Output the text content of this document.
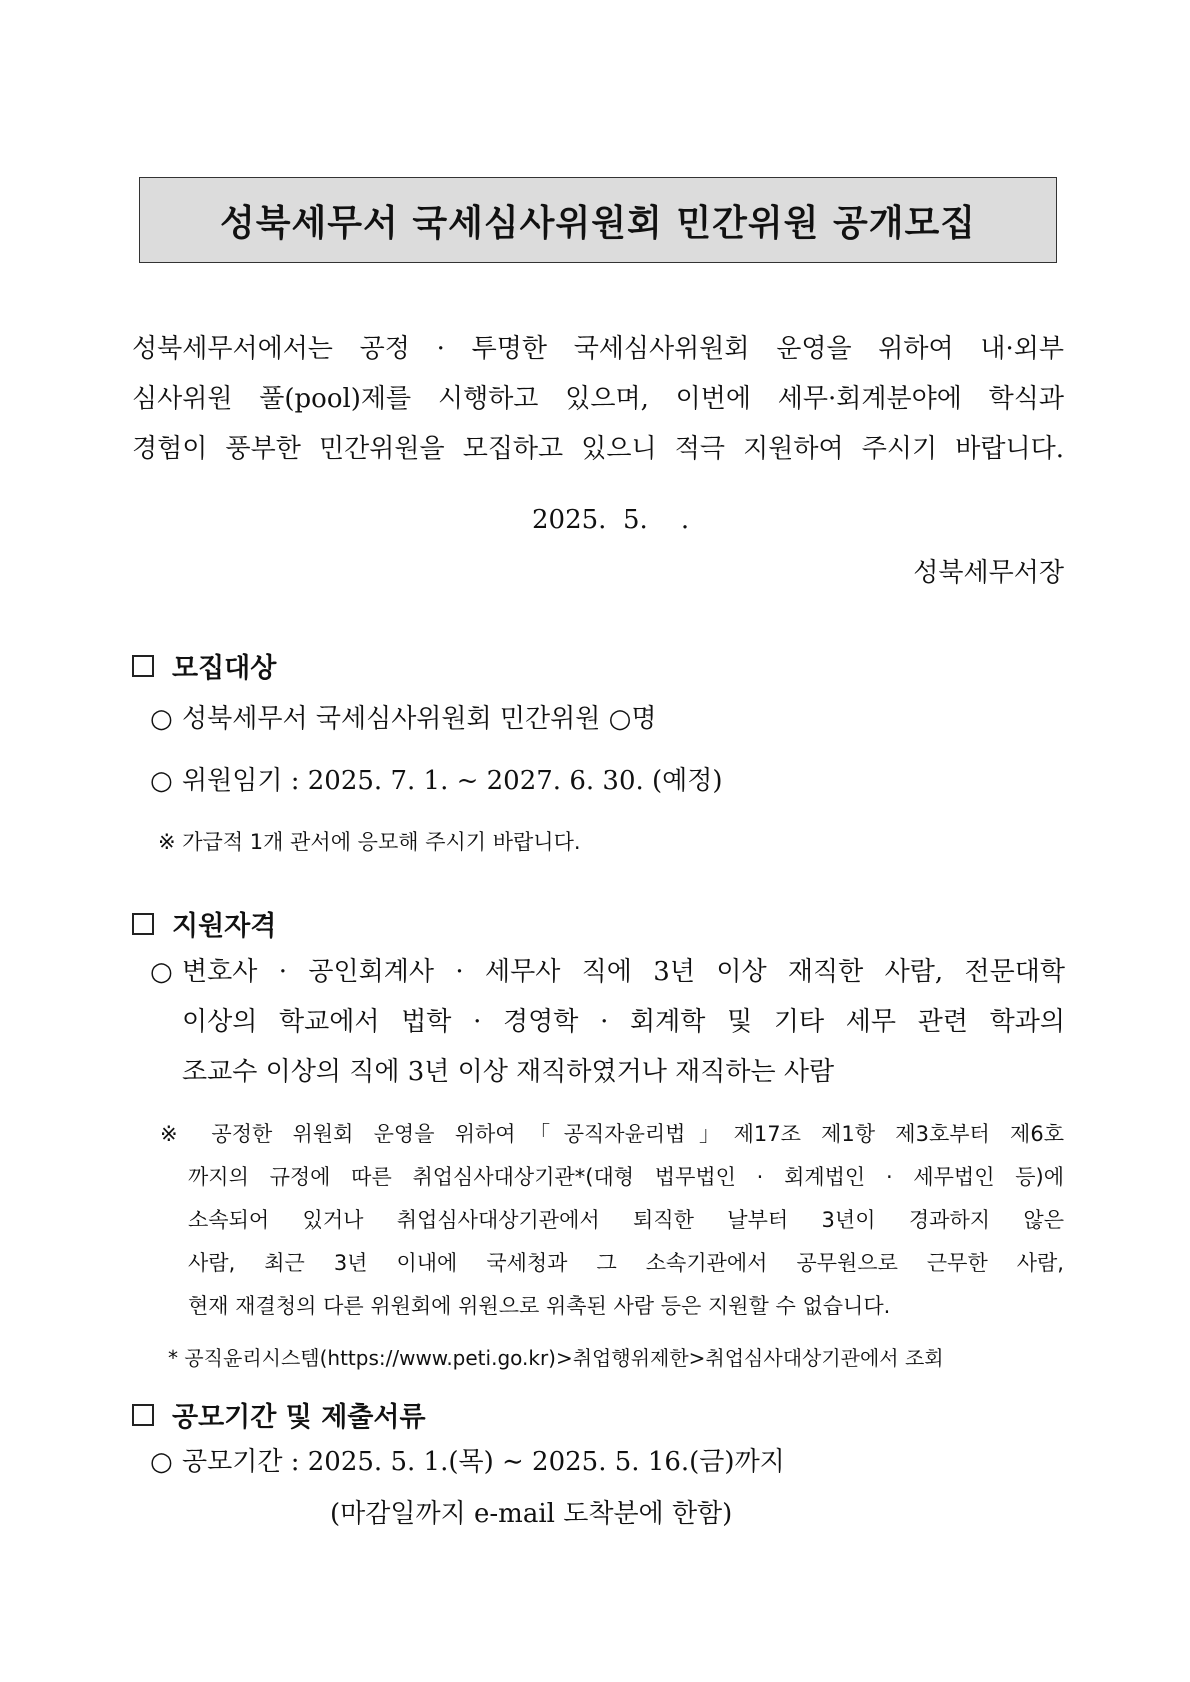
성북세무서 국세심사위원회 민간위원 공개모집
성북세무서에서는 공정 · 투명한 국세심사위원회 운영을 위하여 내·외부
심사위원 풀(pool)제를 시행하고 있으며, 이번에 세무·회계분야에 학식과
경험이 풍부한 민간위원을 모집하고 있으니 적극 지원하여 주시기 바랍니다.
2025.  5.    .
성북세무서장
모집대상
○ 성북세무서 국세심사위원회 민간위원 ○명
○ 위원임기 : 2025. 7. 1. ~ 2027. 6. 30. (예정)
※ 가급적 1개 관서에 응모해 주시기 바랍니다.
지원자격
○ 변호사 · 공인회계사 · 세무사 직에 3년 이상 재직한 사람, 전문대학
이상의 학교에서 법학 · 경영학 · 회계학 및 기타 세무 관련 학과의
조교수 이상의 직에 3년 이상 재직하였거나 재직하는 사람
※ 공정한 위원회 운영을 위하여「공직자윤리법」제17조 제1항 제3호부터 제6호
까지의 규정에 따른 취업심사대상기관*(대형 법무법인 · 회계법인 · 세무법인 등)에
소속되어 있거나 취업심사대상기관에서 퇴직한 날부터 3년이 경과하지 않은
사람, 최근 3년 이내에 국세청과 그 소속기관에서 공무원으로 근무한 사람,
현재 재결청의 다른 위원회에 위원으로 위촉된 사람 등은 지원할 수 없습니다.
* 공직윤리시스템(https://www.peti.go.kr)>취업행위제한>취업심사대상기관에서 조회
공모기간 및 제출서류
○ 공모기간 : 2025. 5. 1.(목) ∼ 2025. 5. 16.(금)까지
(마감일까지 e-mail 도착분에 한함)
